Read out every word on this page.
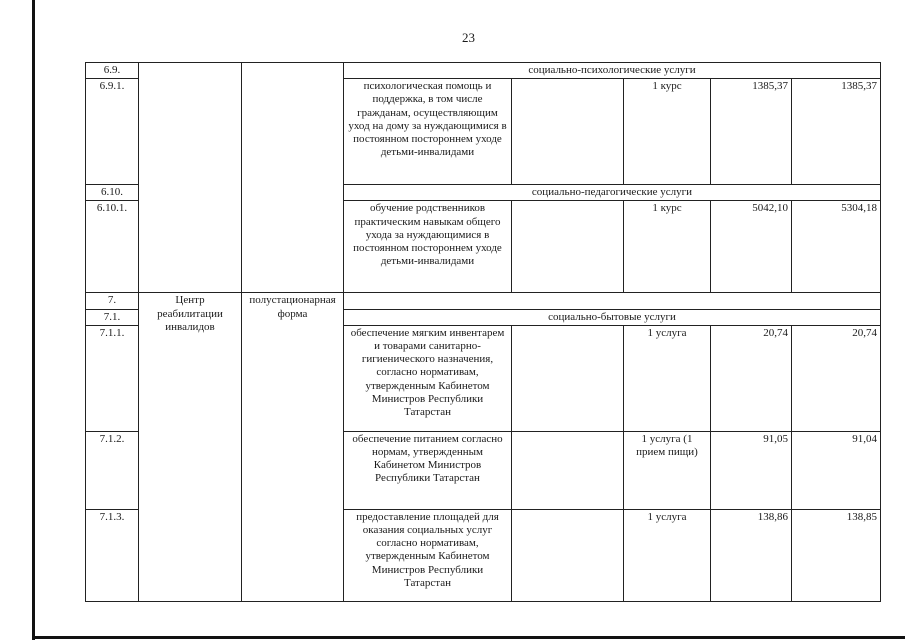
23
6.9.			социально-психологические услуги				
6.9.1.			психологическая помощь и поддержка, в том числе гражданам, осуществляющим уход на дому за нуждающимися в постоянном постороннем уходе детьми-инвалидами		1 курс	1385,37	1385,37
6.10.			социально-педагогические услуги				
6.10.1.			обучение родственников практическим навыкам общего ухода за нуждающимися в постоянном постороннем уходе детьми-инвалидами		1 курс	5042,10	5304,18
7.	Центр реабилитации инвалидов	полустационарная форма					
7.1.			социально-бытовые услуги				
7.1.1.			обеспечение мягким инвентарем и товарами санитарно-гигиенического назначения, согласно нормативам, утвержденным Кабинетом Министров Республики Татарстан		1 услуга	20,74	20,74
7.1.2.			обеспечение питанием согласно нормам, утвержденным Кабинетом Министров Республики Татарстан		1 услуга (1 прием пищи)	91,05	91,04
7.1.3.			предоставление площадей для оказания социальных услуг согласно нормативам, утвержденным Кабинетом Министров Республики Татарстан		1 услуга	138,86	138,85
